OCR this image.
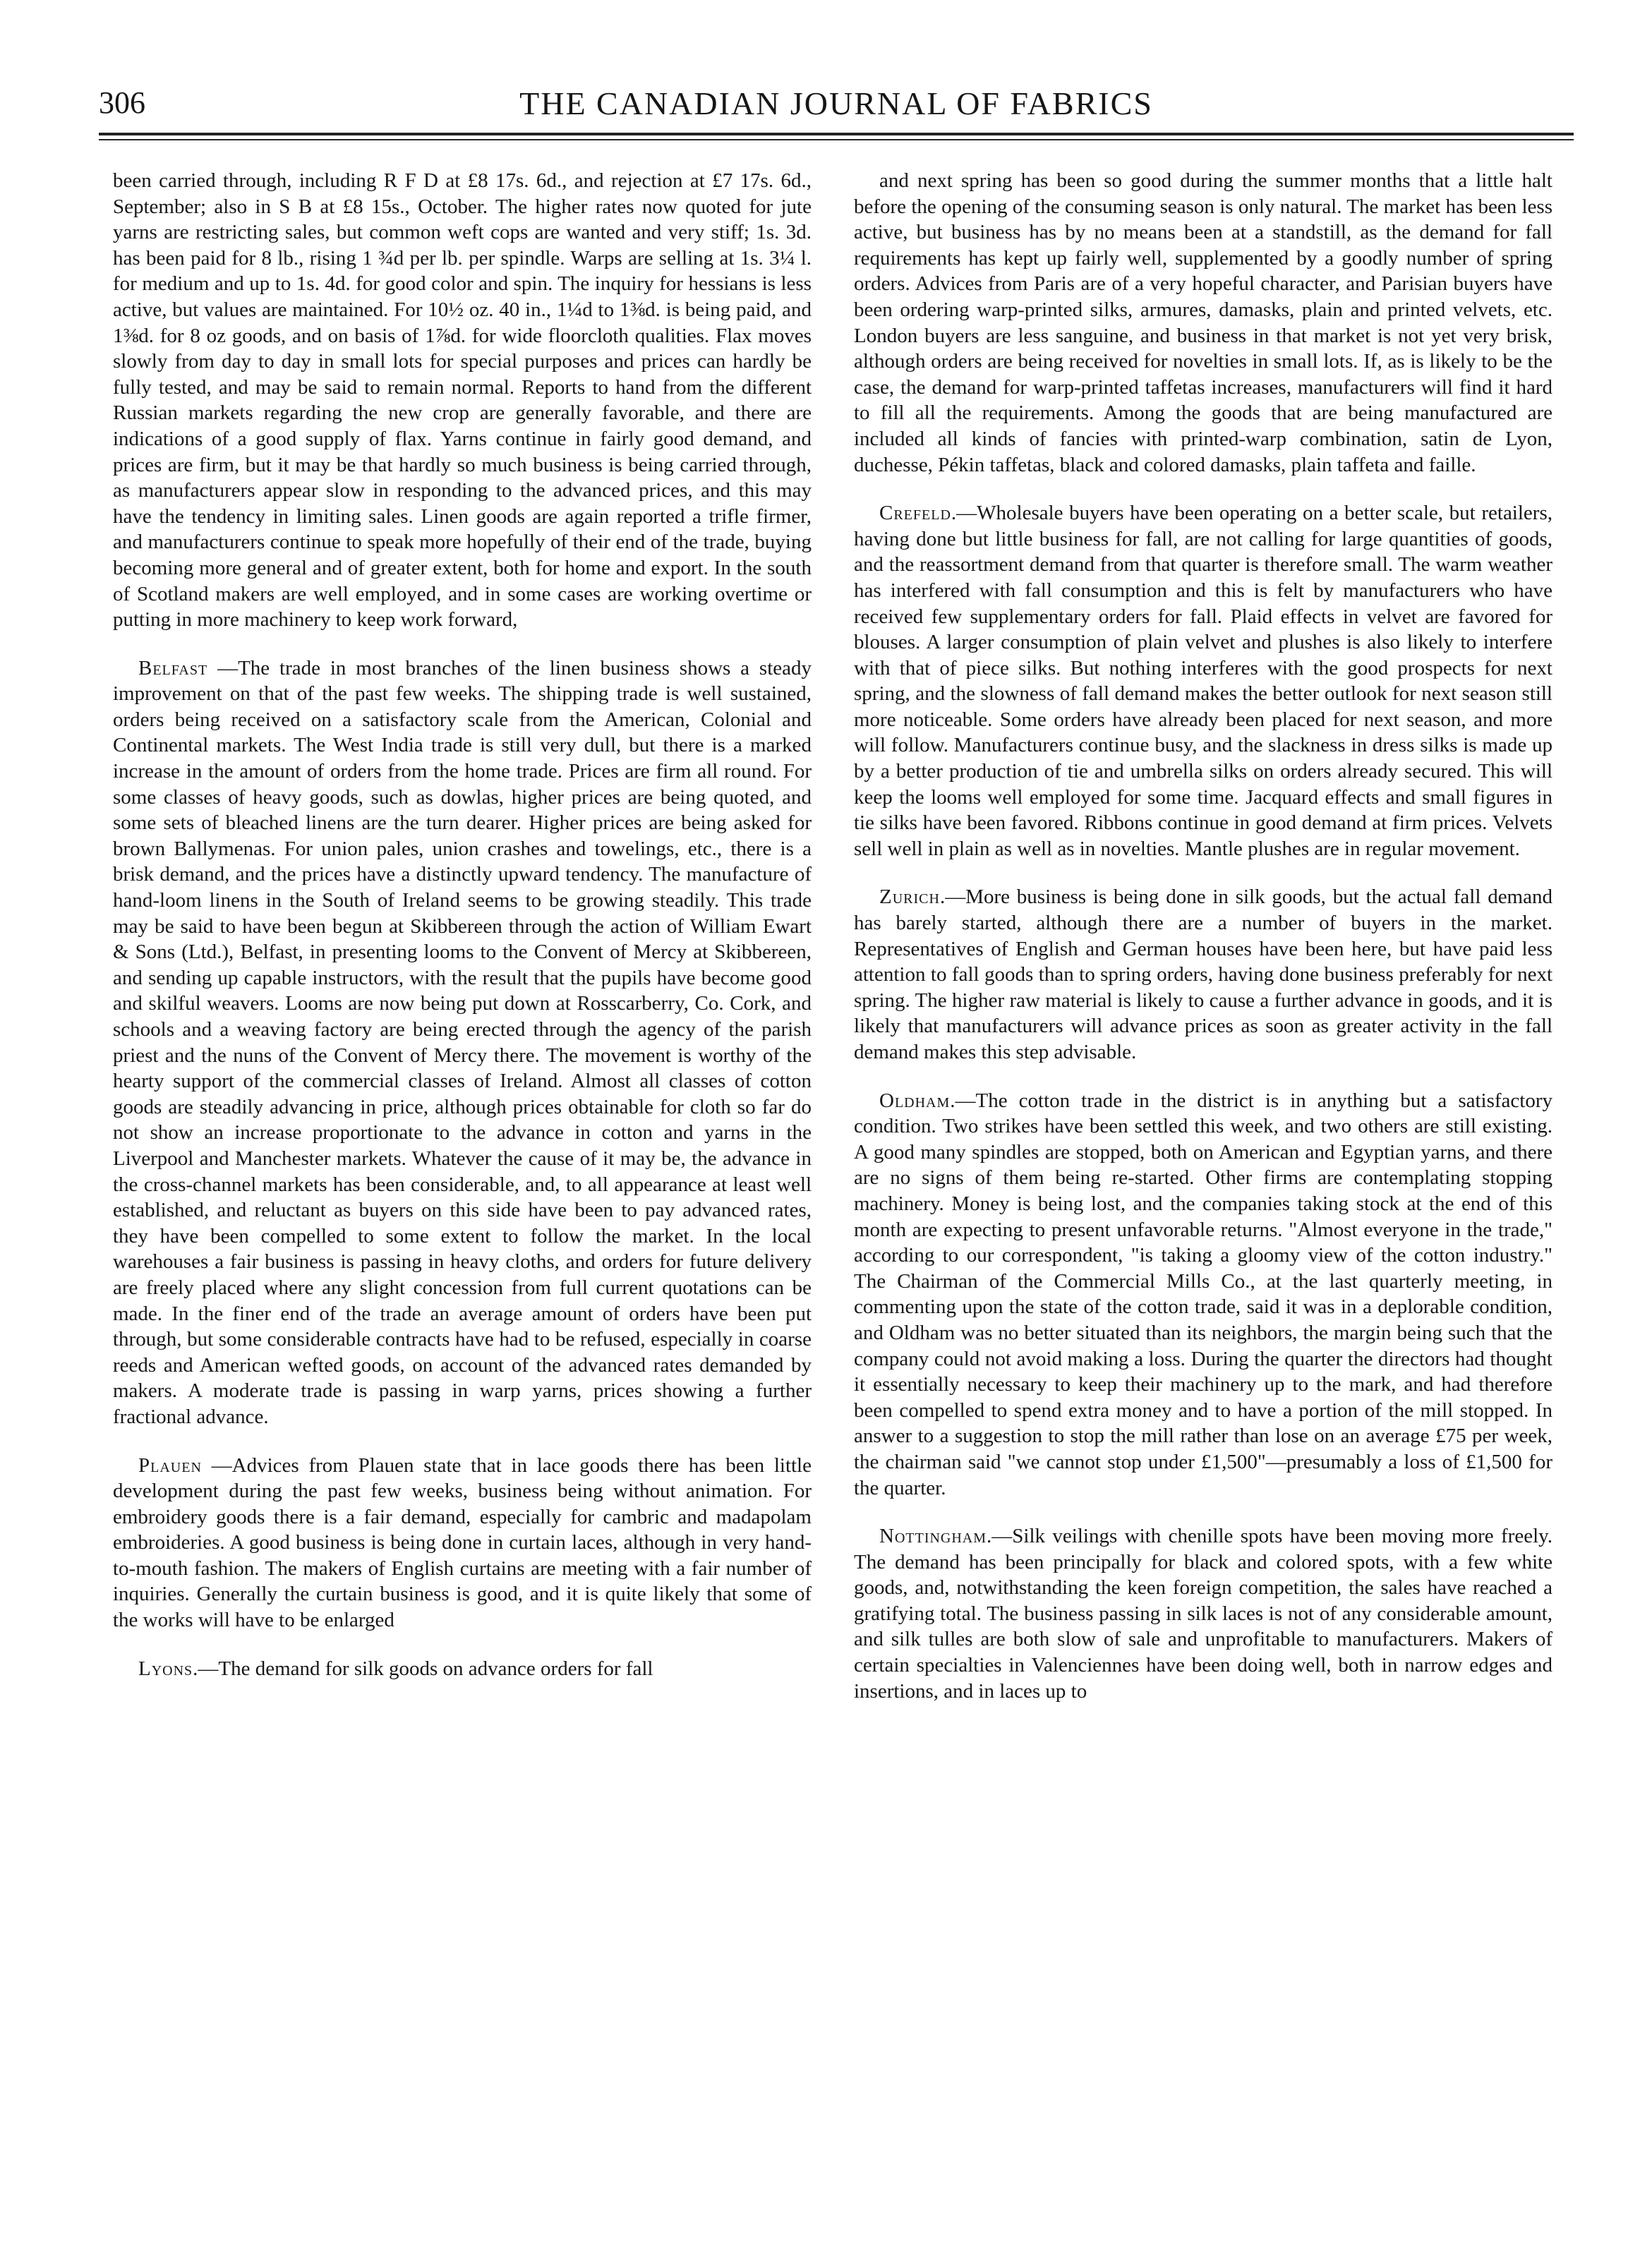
306	THE CANADIAN JOURNAL OF FABRICS

been carried through, including R F D at £8 17s. 6d., and rejection at £7 17s. 6d., September; also in S B at £8 15s., October. The higher rates now quoted for jute yarns are restricting sales, but common weft cops are wanted and very stiff; 1s. 3d. has been paid for 8 lb., rising 1 ¾d per lb. per spindle. Warps are selling at 1s. 3¼ l. for medium and up to 1s. 4d. for good color and spin. The inquiry for hessians is less active, but values are maintained. For 10½ oz. 40 in., 1¼d to 1⅜d. is being paid, and 1⅜d. for 8 oz goods, and on basis of 1⅞d. for wide floorcloth qualities. Flax moves slowly from day to day in small lots for special purposes and prices can hardly be fully tested, and may be said to remain normal. Reports to hand from the different Russian markets regarding the new crop are generally favorable, and there are indications of a good supply of flax. Yarns continue in fairly good demand, and prices are firm, but it may be that hardly so much business is being carried through, as manufacturers appear slow in responding to the advanced prices, and this may have the tendency in limiting sales. Linen goods are again reported a trifle firmer, and manufacturers continue to speak more hopefully of their end of the trade, buying becoming more general and of greater extent, both for home and export. In the south of Scotland makers are well employed, and in some cases are working overtime or putting in more machinery to keep work forward,

Belfast —The trade in most branches of the linen business shows a steady improvement on that of the past few weeks. The shipping trade is well sustained, orders being received on a satisfactory scale from the American, Colonial and Continental markets. The West India trade is still very dull, but there is a marked increase in the amount of orders from the home trade. Prices are firm all round. For some classes of heavy goods, such as dowlas, higher prices are being quoted, and some sets of bleached linens are the turn dearer. Higher prices are being asked for brown Ballymenas. For union pales, union crashes and towelings, etc., there is a brisk demand, and the prices have a distinctly upward tendency. The manufacture of hand-loom linens in the South of Ireland seems to be growing steadily. This trade may be said to have been begun at Skibbereen through the action of William Ewart & Sons (Ltd.), Belfast, in presenting looms to the Convent of Mercy at Skibbereen, and sending up capable instructors, with the result that the pupils have become good and skilful weavers. Looms are now being put down at Rosscarberry, Co. Cork, and schools and a weaving factory are being erected through the agency of the parish priest and the nuns of the Convent of Mercy there. The movement is worthy of the hearty support of the commercial classes of Ireland. Almost all classes of cotton goods are steadily advancing in price, although prices obtainable for cloth so far do not show an increase proportionate to the advance in cotton and yarns in the Liverpool and Manchester markets. Whatever the cause of it may be, the advance in the cross-channel markets has been considerable, and, to all appearance at least well established, and reluctant as buyers on this side have been to pay advanced rates, they have been compelled to some extent to follow the market. In the local warehouses a fair business is passing in heavy cloths, and orders for future delivery are freely placed where any slight concession from full current quotations can be made. In the finer end of the trade an average amount of orders have been put through, but some considerable contracts have had to be refused, especially in coarse reeds and American wefted goods, on account of the advanced rates demanded by makers. A moderate trade is passing in warp yarns, prices showing a further fractional advance.

Plauen —Advices from Plauen state that in lace goods there has been little development during the past few weeks, business being without animation. For embroidery goods there is a fair demand, especially for cambric and madapolam embroideries. A good business is being done in curtain laces, although in very hand-to-mouth fashion. The makers of English curtains are meeting with a fair number of inquiries. Generally the curtain business is good, and it is quite likely that some of the works will have to be enlarged

Lyons.—The demand for silk goods on advance orders for fall

and next spring has been so good during the summer months that a little halt before the opening of the consuming season is only natural. The market has been less active, but business has by no means been at a standstill, as the demand for fall requirements has kept up fairly well, supplemented by a goodly number of spring orders. Advices from Paris are of a very hopeful character, and Parisian buyers have been ordering warp-printed silks, armures, damasks, plain and printed velvets, etc. London buyers are less sanguine, and business in that market is not yet very brisk, although orders are being received for novelties in small lots. If, as is likely to be the case, the demand for warp-printed taffetas increases, manufacturers will find it hard to fill all the requirements. Among the goods that are being manufactured are included all kinds of fancies with printed-warp combination, satin de Lyon, duchesse, Pékin taffetas, black and colored damasks, plain taffeta and faille.

Crefeld.—Wholesale buyers have been operating on a better scale, but retailers, having done but little business for fall, are not calling for large quantities of goods, and the reassortment demand from that quarter is therefore small. The warm weather has interfered with fall consumption and this is felt by manufacturers who have received few supplementary orders for fall. Plaid effects in velvet are favored for blouses. A larger consumption of plain velvet and plushes is also likely to interfere with that of piece silks. But nothing interferes with the good prospects for next spring, and the slowness of fall demand makes the better outlook for next season still more noticeable. Some orders have already been placed for next season, and more will follow. Manufacturers continue busy, and the slackness in dress silks is made up by a better production of tie and umbrella silks on orders already secured. This will keep the looms well employed for some time. Jacquard effects and small figures in tie silks have been favored. Ribbons continue in good demand at firm prices. Velvets sell well in plain as well as in novelties. Mantle plushes are in regular movement.

Zurich.—More business is being done in silk goods, but the actual fall demand has barely started, although there are a number of buyers in the market. Representatives of English and German houses have been here, but have paid less attention to fall goods than to spring orders, having done business preferably for next spring. The higher raw material is likely to cause a further advance in goods, and it is likely that manufacturers will advance prices as soon as greater activity in the fall demand makes this step advisable.

Oldham.—The cotton trade in the district is in anything but a satisfactory condition. Two strikes have been settled this week, and two others are still existing. A good many spindles are stopped, both on American and Egyptian yarns, and there are no signs of them being re-started. Other firms are contemplating stopping machinery. Money is being lost, and the companies taking stock at the end of this month are expecting to present unfavorable returns. "Almost everyone in the trade," according to our correspondent, "is taking a gloomy view of the cotton industry." The Chairman of the Commercial Mills Co., at the last quarterly meeting, in commenting upon the state of the cotton trade, said it was in a deplorable condition, and Oldham was no better situated than its neighbors, the margin being such that the company could not avoid making a loss. During the quarter the directors had thought it essentially necessary to keep their machinery up to the mark, and had therefore been compelled to spend extra money and to have a portion of the mill stopped. In answer to a suggestion to stop the mill rather than lose on an average £75 per week, the chairman said "we cannot stop under £1,500"—presumably a loss of £1,500 for the quarter.

Nottingham.—Silk veilings with chenille spots have been moving more freely. The demand has been principally for black and colored spots, with a few white goods, and, notwithstanding the keen foreign competition, the sales have reached a gratifying total. The business passing in silk laces is not of any considerable amount, and silk tulles are both slow of sale and unprofitable to manufacturers. Makers of certain specialties in Valenciennes have been doing well, both in narrow edges and insertions, and in laces up to
